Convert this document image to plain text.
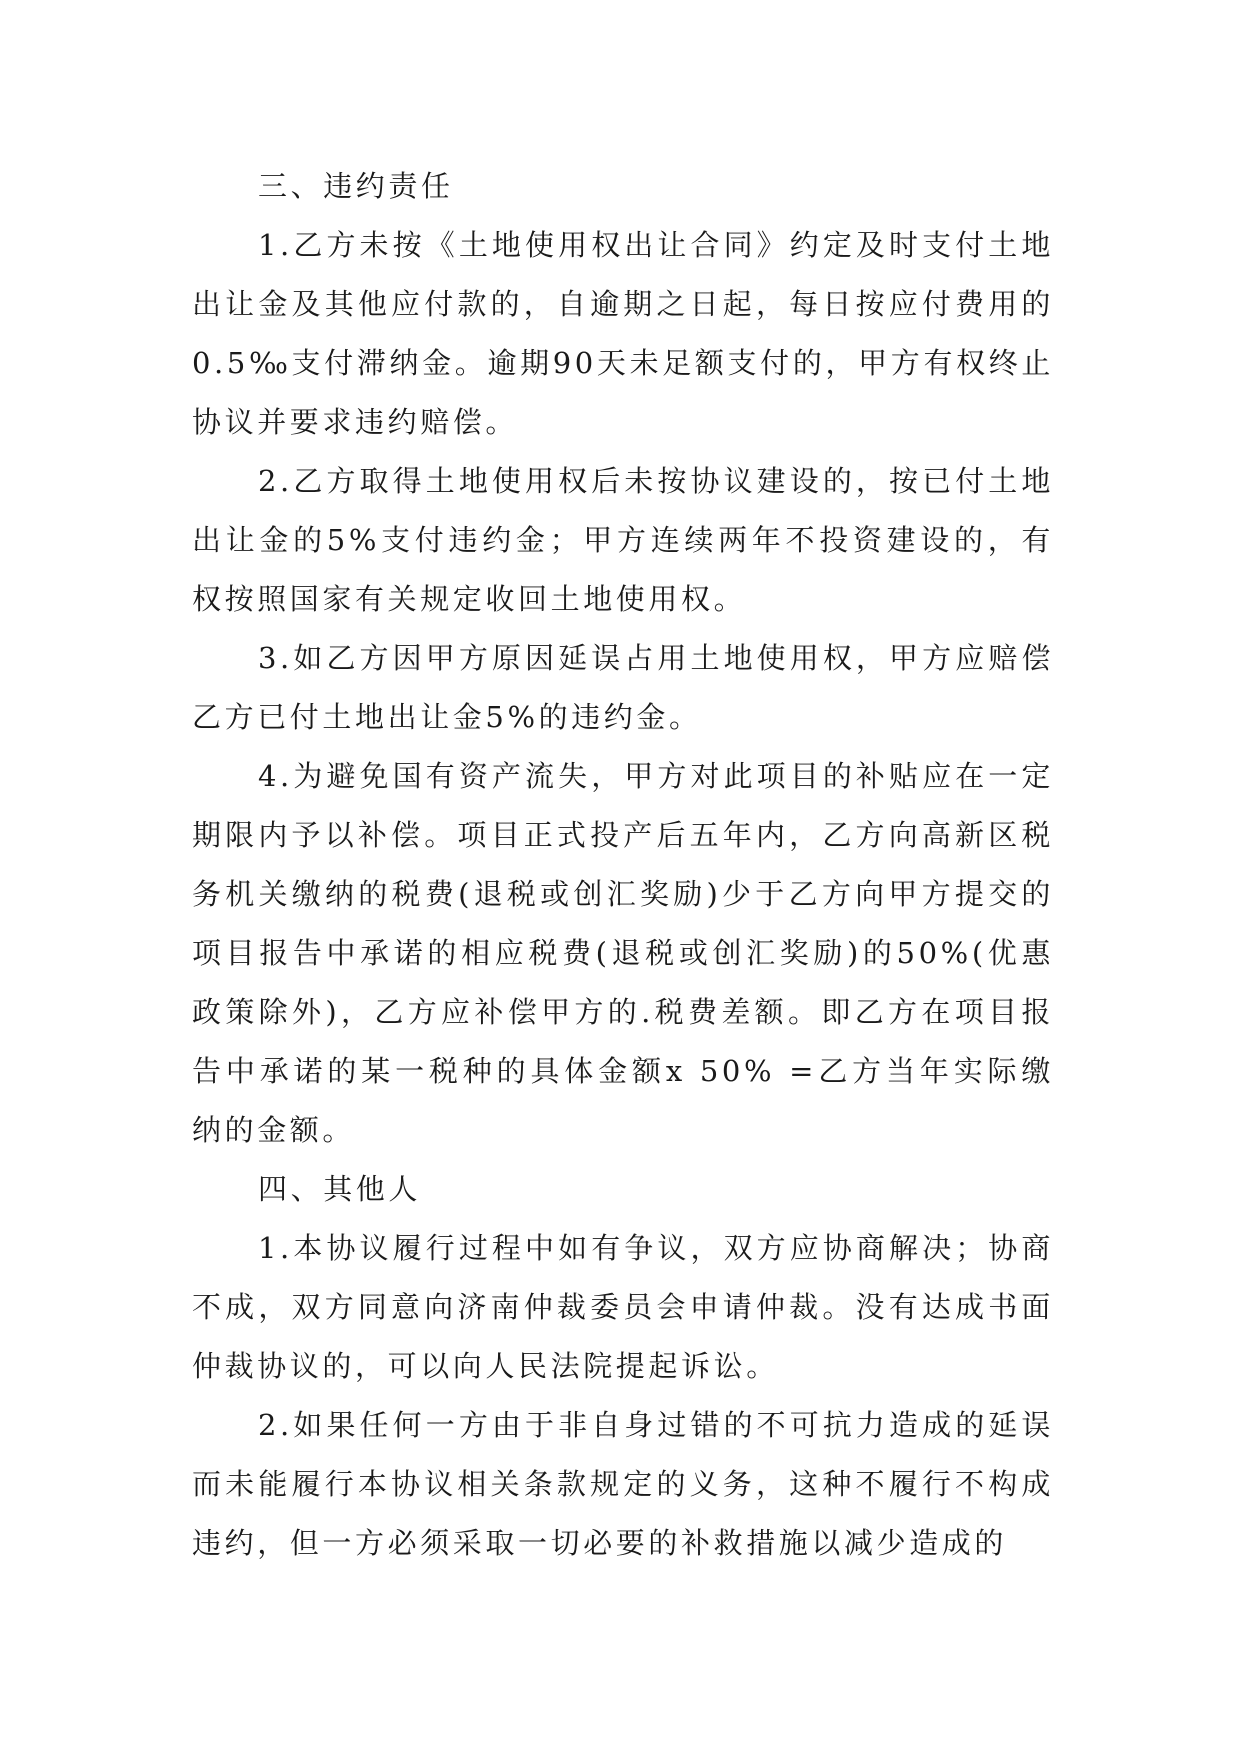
三、违约责任

1.乙方未按《土地使用权出让合同》约定及时支付土地出让金及其他应付款的，自逾期之日起，每日按应付费用的0.5‰支付滞纳金。逾期90天未足额支付的，甲方有权终止协议并要求违约赔偿。

2.乙方取得土地使用权后未按协议建设的，按已付土地出让金的5%支付违约金；甲方连续两年不投资建设的，有权按照国家有关规定收回土地使用权。

3.如乙方因甲方原因延误占用土地使用权，甲方应赔偿乙方已付土地出让金5%的违约金。

4.为避免国有资产流失，甲方对此项目的补贴应在一定期限内予以补偿。项目正式投产后五年内，乙方向高新区税务机关缴纳的税费(退税或创汇奖励)少于乙方向甲方提交的项目报告中承诺的相应税费(退税或创汇奖励)的50%(优惠政策除外)，乙方应补偿甲方的.税费差额。即乙方在项目报告中承诺的某一税种的具体金额x 50% =乙方当年实际缴纳的金额。

四、其他人

1.本协议履行过程中如有争议，双方应协商解决；协商不成，双方同意向济南仲裁委员会申请仲裁。没有达成书面仲裁协议的，可以向人民法院提起诉讼。

2.如果任何一方由于非自身过错的不可抗力造成的延误而未能履行本协议相关条款规定的义务，这种不履行不构成违约，但一方必须采取一切必要的补救措施以减少造成的
